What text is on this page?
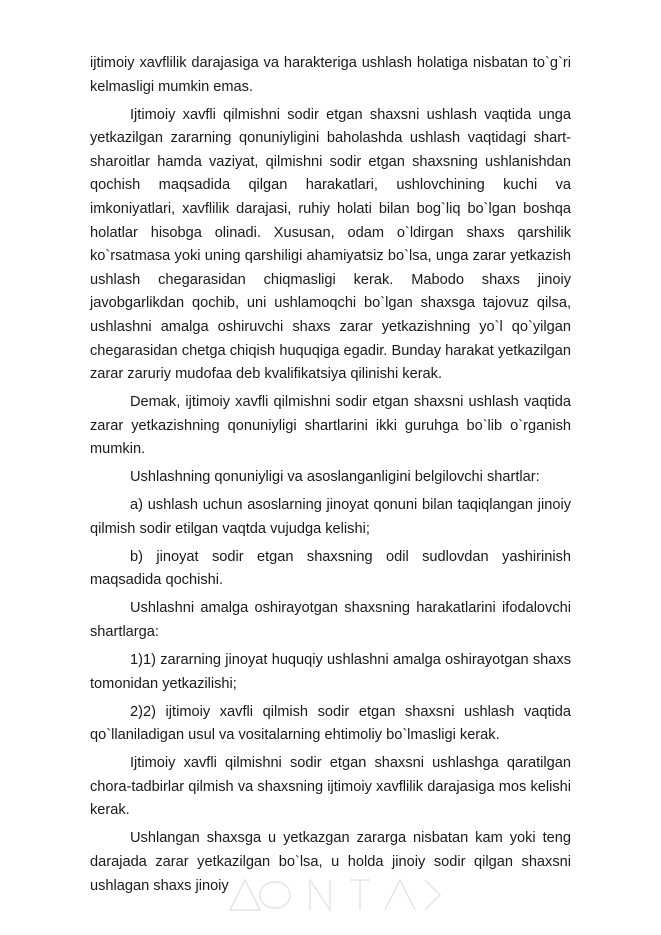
ijtimoiy xavflilik darajasiga va harakteriga ushlash holatiga nisbatan to`g`ri kelmasligi mumkin emas.

Ijtimoiy xavfli qilmishni sodir etgan shaxsni ushlash vaqtida unga yetkazilgan zararning qonuniyligini baholashda ushlash vaqtidagi shart-sharoitlar hamda vaziyat, qilmishni sodir etgan shaxsning ushlanishdan qochish maqsadida qilgan harakatlari, ushlovchining kuchi va imkoniyatlari, xavflilik darajasi, ruhiy holati bilan bog`liq bo`lgan boshqa holatlar hisobga olinadi. Xususan, odam o`ldirgan shaxs qarshilik ko`rsatmasa yoki uning qarshiligi ahamiyatsiz bo`lsa, unga zarar yetkazish ushlash chegarasidan chiqmasligi kerak. Mabodo shaxs jinoiy javobgarlikdan qochib, uni ushlamoqchi bo`lgan shaxsga tajovuz qilsa, ushlashni amalga oshiruvchi shaxs zarar yetkazishning yo`l qo`yilgan chegarasidan chetga chiqish huquqiga egadir. Bunday harakat yetkazilgan zarar zaruriy mudofaa deb kvalifikatsiya qilinishi kerak.

Demak, ijtimoiy xavfli qilmishni sodir etgan shaxsni ushlash vaqtida zarar yetkazishning qonuniyligi shartlarini ikki guruhga bo`lib o`rganish mumkin.

Ushlashning qonuniyligi va asoslanganligini belgilovchi shartlar:

a) ushlash uchun asoslarning jinoyat qonuni bilan taqiqlangan jinoiy qilmish sodir etilgan vaqtda vujudga kelishi;

b) jinoyat sodir etgan shaxsning odil sudlovdan yashirinish maqsadida qochishi.

Ushlashni amalga oshirayotgan shaxsning harakatlarini ifodalovchi shartlarga:

1)1) zararning jinoyat huquqiy ushlashni amalga oshirayotgan shaxs tomonidan yetkazilishi;

2)2) ijtimoiy xavfli qilmish sodir etgan shaxsni ushlash vaqtida qo`llaniladigan usul va vositalarning ehtimoliy bo`lmasligi kerak.

Ijtimoiy xavfli qilmishni sodir etgan shaxsni ushlashga qaratilgan chora-tadbirlar qilmish va shaxsning ijtimoiy xavflilik darajasiga mos kelishi kerak.

Ushlangan shaxsga u yetkazgan zararga nisbatan kam yoki teng darajada zarar yetkazilgan bo`lsa, u holda jinoiy sodir qilgan shaxsni ushlagan shaxs jinoiy
